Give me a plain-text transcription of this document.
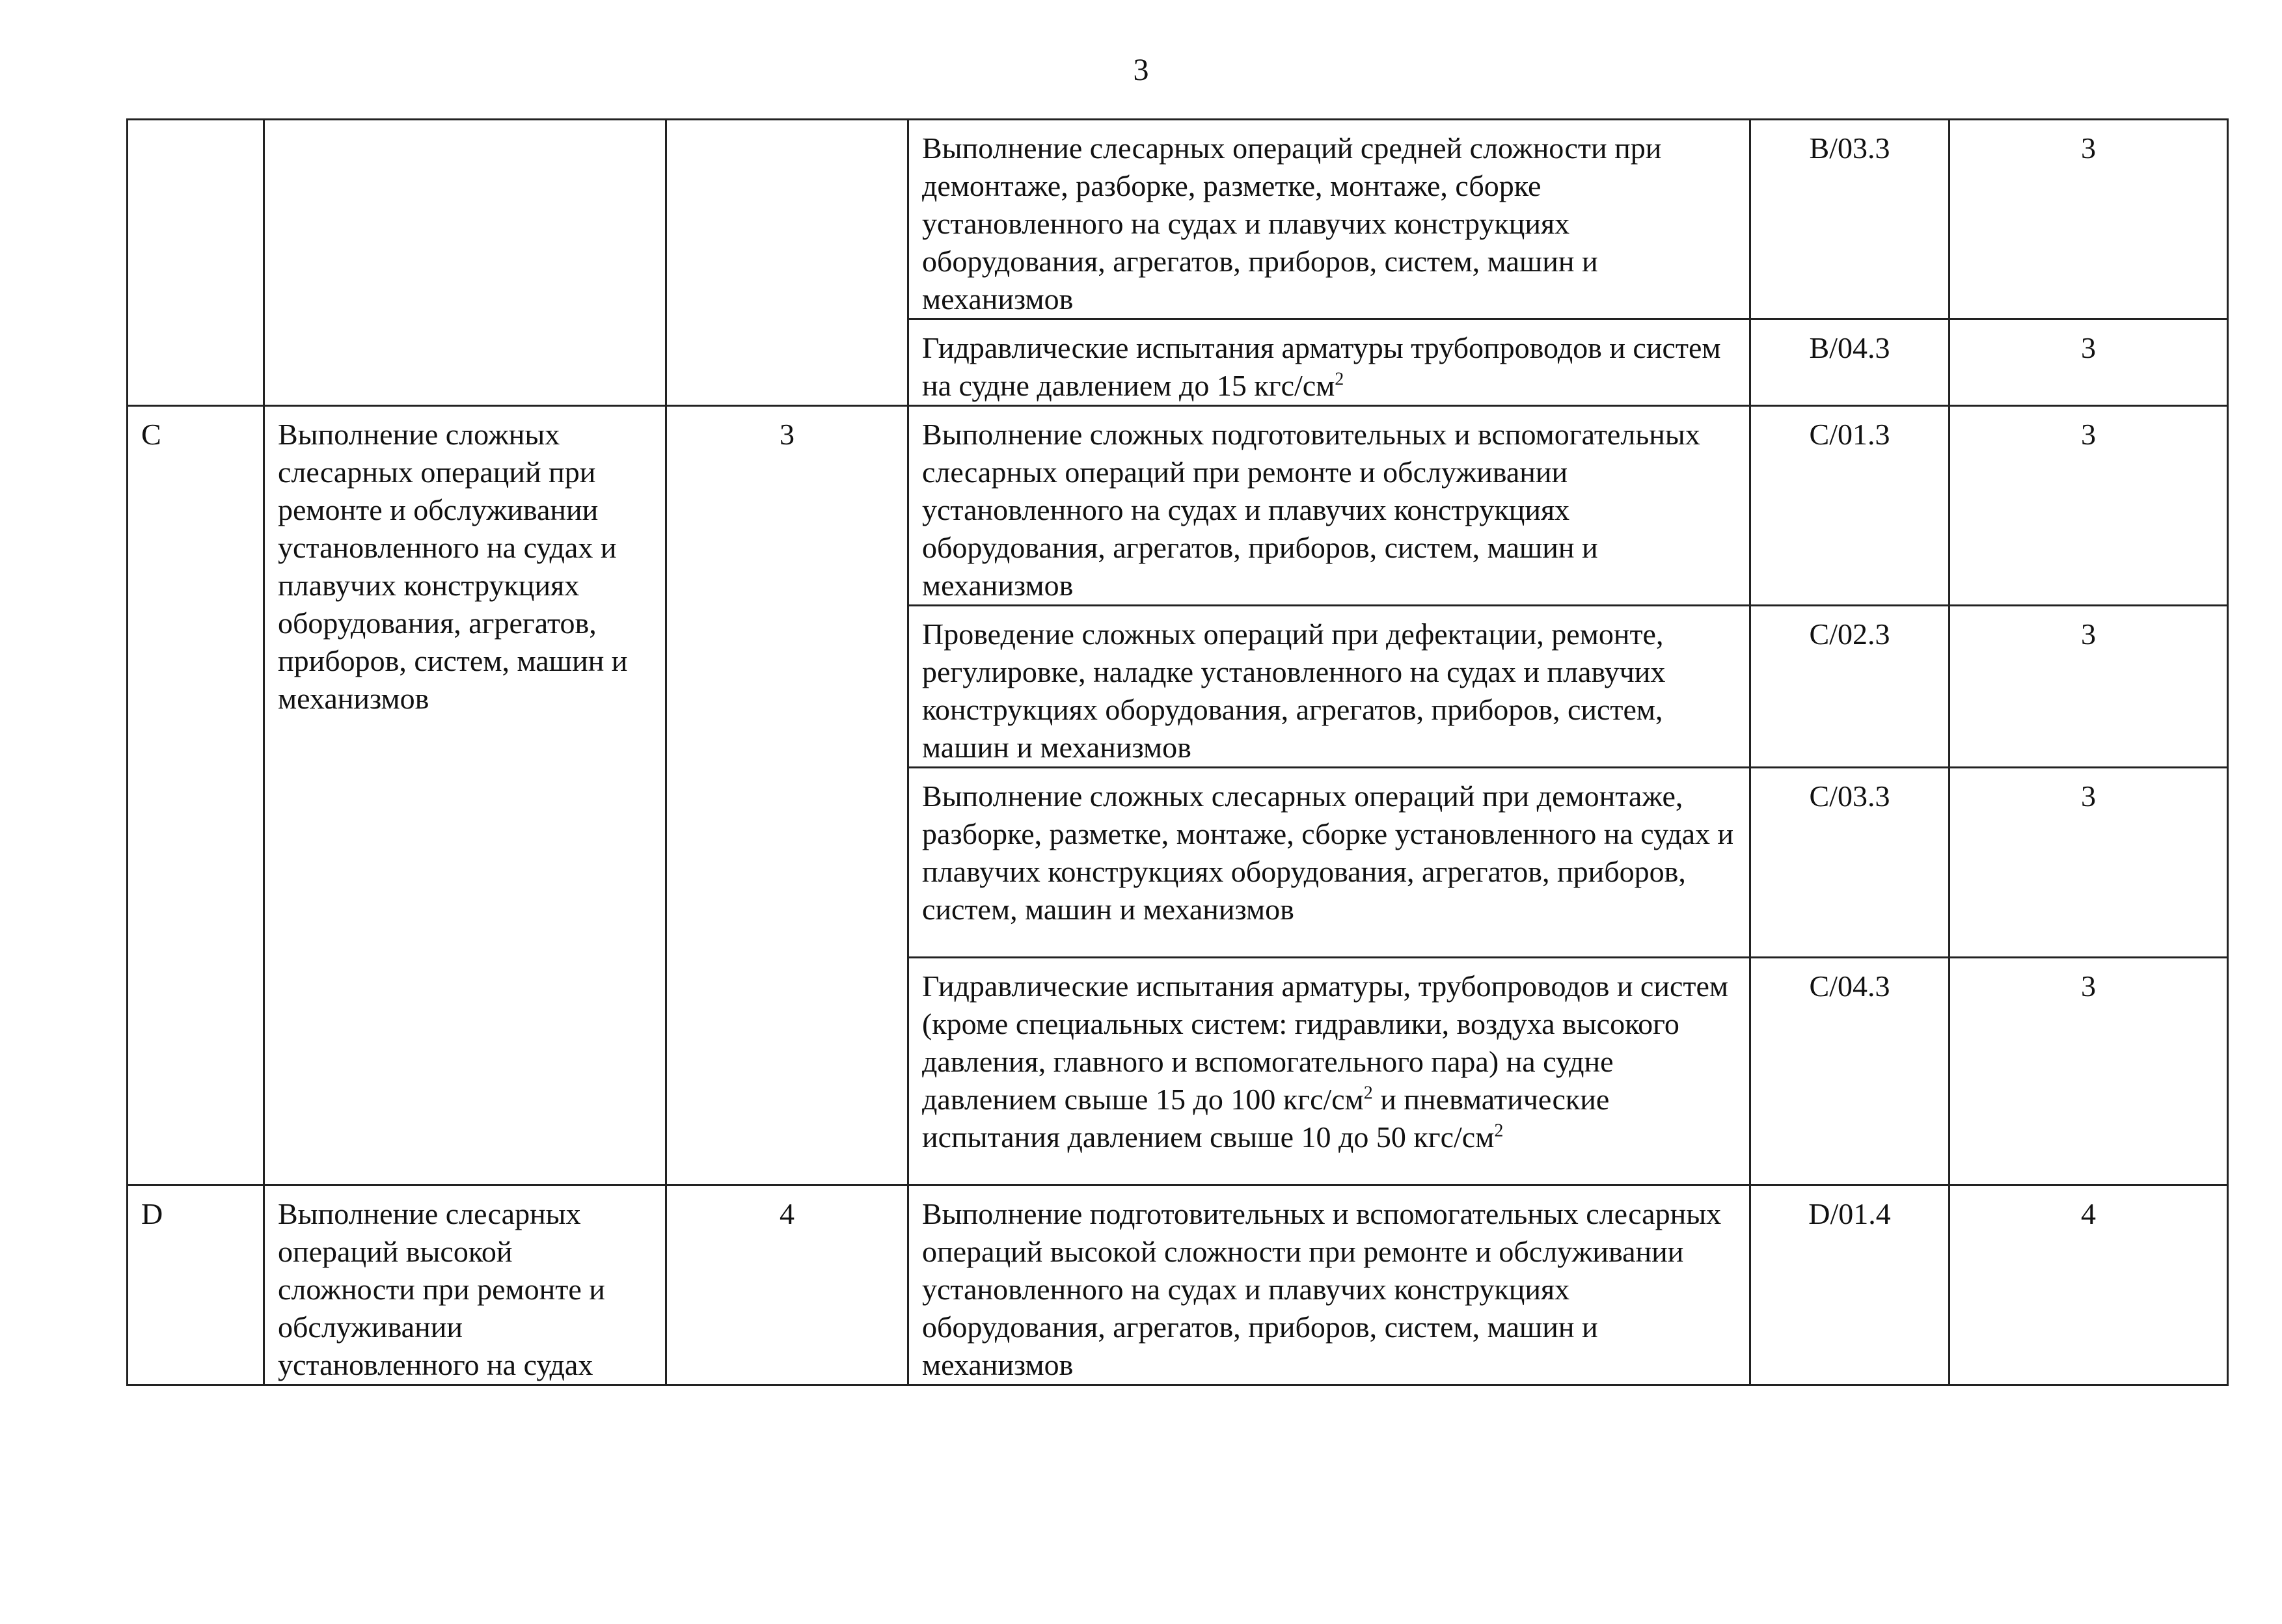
3
			Выполнение слесарных операций средней сложности при демонтаже, разборке, разметке, монтаже, сборке установленного на судах и плавучих конструкциях оборудования, агрегатов, приборов, систем, машин и механизмов	B/03.3	3
			Гидравлические испытания арматуры трубопроводов и систем на судне давлением до 15 кгс/$см^2$	B/04.3	3
C	Выполнение сложных слесарных операций при ремонте и обслуживании установленного на судах и плавучих конструкциях оборудования, агрегатов, приборов, систем, машин и механизмов	3	Выполнение сложных подготовительных и вспомогательных слесарных операций при ремонте и обслуживании установленного на судах и плавучих конструкциях оборудования, агрегатов, приборов, систем, машин и механизмов	C/01.3	3
			Проведение сложных операций при дефектации, ремонте, регулировке, наладке установленного на судах и плавучих конструкциях оборудования, агрегатов, приборов, систем, машин и механизмов	C/02.3	3
			Выполнение сложных слесарных операций при демонтаже, разборке, разметке, монтаже, сборке установленного на судах и плавучих конструкциях оборудования, агрегатов, приборов, систем, машин и механизмов	C/03.3	3
			Гидравлические испытания арматуры, трубопроводов и систем (кроме специальных систем: гидравлики, воздуха высокого давления, главного и вспомогательного пара) на судне давлением свыше 15 до 100 кгс/$см^2$ и пневматические испытания давлением свыше 10 до 50 кгс/$см^2$	C/04.3	3
D	Выполнение слесарных операций высокой сложности при ремонте и обслуживании установленного на судах	4	Выполнение подготовительных и вспомогательных слесарных операций высокой сложности при ремонте и обслуживании установленного на судах и плавучих конструкциях оборудования, агрегатов, приборов, систем, машин и механизмов	D/01.4	4
